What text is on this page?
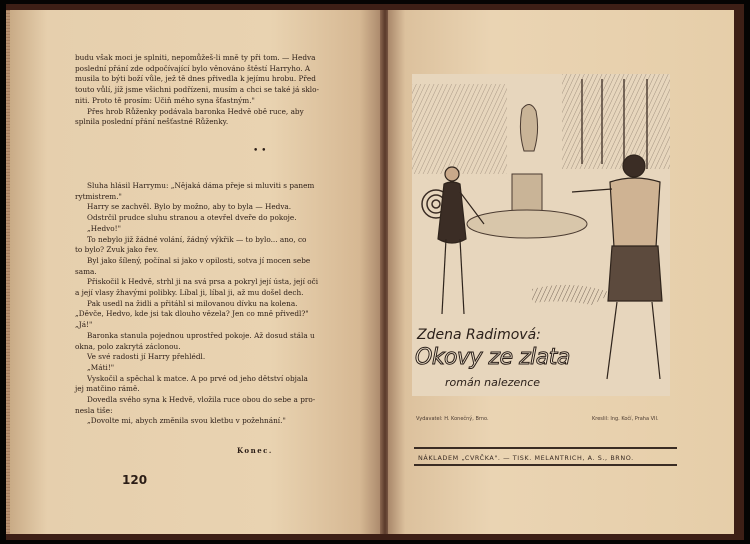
budu však moci je splniti, nepomůžeš-li mně ty při tom. — Hedva

poslední přání zde odpočívající bylo věnováno štěstí Harryho. A

musila to býti boží vůle, jež tě dnes přivedla k jejímu hrobu. Před

touto vůlí, jíž jsme všichni podřízeni, musím a chci se také já sklo-

niti. Proto tě prosím: Učiň mého syna šťastným."

Přes hrob Růženky podávala baronka Hedvě obě ruce, aby

splnila poslední přání nešťastné Růženky.

• •

Sluha hlásil Harrymu: „Nějaká dáma přeje si mluviti s panem

rytmistrem."

Harry se zachvěl. Bylo by možno, aby to byla — Hedva.

Odstrčil prudce sluhu stranou a otevřel dveře do pokoje.

„Hedvo!"

To nebylo již žádné volání, žádný výkřik — to bylo... ano, co

to bylo? Zvuk jako řev.

Byl jako šílený, počínal si jako v opilosti, sotva jí mocen sebe

sama.

Přiskočil k Hedvě, strhl ji na svá prsa a pokryl její ústa, její oči

a její vlasy žhavými polibky. Líbal ji, líbal ji, až mu došel dech.

Pak usedl na židli a přitáhl si milovanou dívku na kolena.

„Děvče, Hedvo, kde jsi tak dlouho vězela? Jen co mně přivedl?"

„Já!"

Baronka stanula pojednou uprostřed pokoje. Až dosud stála u

okna, polo zakrytá záclonou.

Ve své radosti jí Harry přehlédl.

„Máti!"

Vyskočil a spěchal k matce. A po prvé od jeho dětství objala

jej matčino rámě.

Dovedla svého syna k Hedvě, vložila ruce obou do sebe a pro-

nesla tiše:

„Dovolte mi, abych změnila svou kletbu v požehnání."

Konec.
120
Zdena Radimová:
Okovy ze zlata
román nalezence
Vydavatel: H. Konečný, Brno.	Kreslil: Ing. Kočí, Praha VII.
NÁKLADEM „CVRČKA". — TISK. MELANTRICH, A. S., BRNO.
